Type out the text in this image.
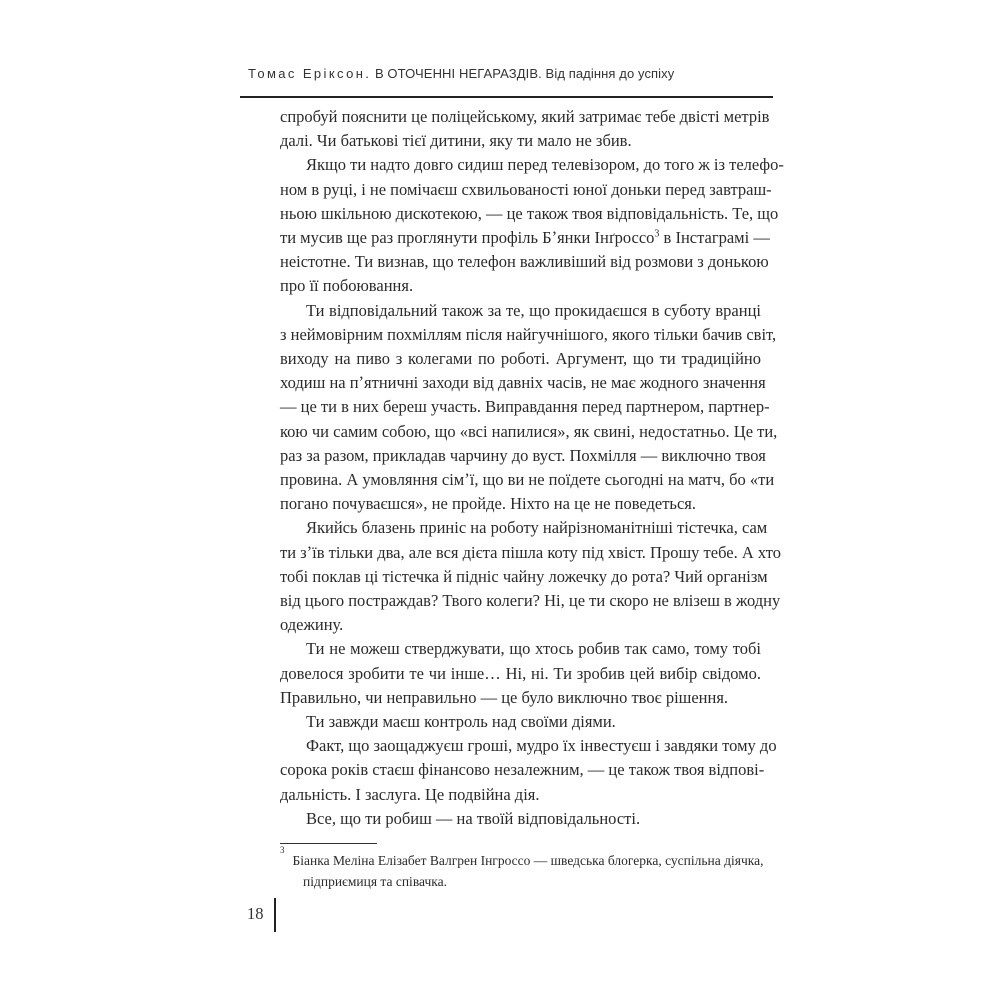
Томас Ерiксон. В ОТОЧЕННІ НЕГАРАЗДІВ. Від падіння до успіху
спробуй пояснити це поліцейському, який затримає тебе двісті метрів
далі. Чи батькові тієї дитини, яку ти мало не збив.
Якщо ти надто довго сидиш перед телевізором, до того ж із телефо-
ном в руці, і не помічаєш схвильованості юної доньки перед завтраш-
ньою шкільною дискотекою, — це також твоя відповідальність. Те, що
ти мусив ще раз проглянути профіль Бʼянки Інґроссо$^3$ в Інстаграмі —
неістотне. Ти визнав, що телефон важливіший від розмови з донькою
про її побоювання.
Ти відповідальний також за те, що прокидаєшся в суботу вранці
з неймовірним похміллям після найгучнішого, якого тільки бачив світ,
виходу на пиво з колегами по роботі. Аргумент, що ти традиційно
ходиш на пʼятничні заходи від давніх часів, не має жодного значення
— це ти в них береш участь. Виправдання перед партнером, партнер-
кою чи самим собою, що «всі напилися», як свині, недостатньо. Це ти,
раз за разом, прикладав чарчину до вуст. Похмілля — виключно твоя
провина. А умовляння сімʼї, що ви не поїдете сьогодні на матч, бо «ти
погано почуваєшся», не пройде. Ніхто на це не поведеться.
Якийсь блазень приніс на роботу найрізноманітніші тістечка, сам
ти зʼїв тільки два, але вся дієта пішла коту під хвіст. Прошу тебе. А хто
тобі поклав ці тістечка й підніс чайну ложечку до рота? Чий організм
від цього постраждав? Твого колеги? Ні, це ти скоро не влізеш в жодну
одежину.
Ти не можеш стверджувати, що хтось робив так само, тому тобі
довелося зробити те чи інше… Ні, ні. Ти зробив цей вибір свідомо.
Правильно, чи неправильно — це було виключно твоє рішення.
Ти завжди маєш контроль над своїми діями.
Факт, що заощаджуєш гроші, мудро їх інвестуєш і завдяки тому до
сорока років стаєш фінансово незалежним, — це також твоя відпові-
дальність. І заслуга. Це подвійна дія.
Все, що ти робиш — на твоїй відповідальності.
$^3$Біанка Меліна Елізабет Валгрен Інгроссо — шведська блогерка, суспільна діячка,
підприємиця та співачка.
18
